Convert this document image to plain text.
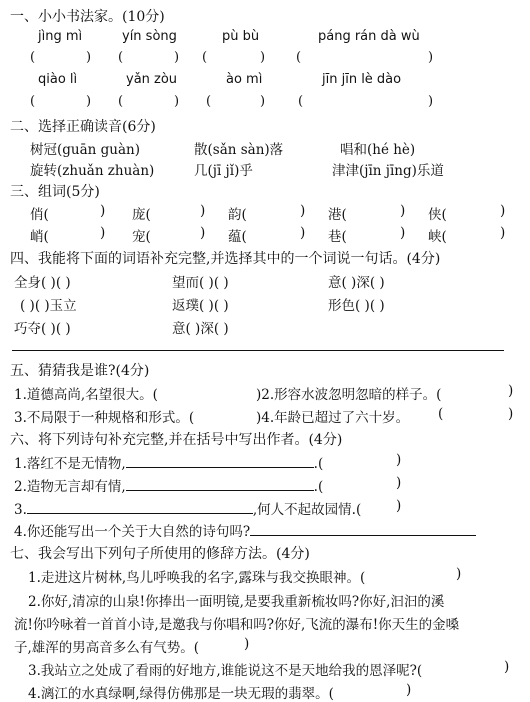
一、小小书法家。(10分)
jìng mì	yín sòng	pù bù	páng rán dà wù
(	) (	) (	) (	)
qiào lì	yǎn zòu	ào mì	jīn jīn lè dào
(	) (	) (	)	(	)
二、选择正确读音(6分)
树冠(guān guàn)	散(sǎn sàn)落	唱和(hé hè)
旋转(zhuǎn zhuàn)	几(jī jǐ)乎	津津(jīn jīng)乐道
三、组词(5分)
俏(	) 庞(	) 韵(	) 港(	) 侠(	)
峭(	) 宠(	) 蕴(	) 巷(	) 峡(	)
四、我能将下面的词语补充完整,并选择其中的一个词说一句话。(4分)
全身( )( )	望而( )( )	意( )深( )
( )( )玉立	返璞( )( )	形色( )( )
巧夺( )( )	意( )深( )
五、猜猜我是谁?(4分)
1.道德高尚,名望很大。(	)2.形容水波忽明忽暗的样子。(	)
3.不局限于一种规格和形式。(	)4.年龄已超过了六十岁。 (	)
六、将下列诗句补充完整,并在括号中写出作者。(4分)
1.落红不是无情物,	.(	)
2.造物无言却有情,	.(	)
3.	,何人不起故园情.(	)
4.你还能写出一个关于大自然的诗句吗?
七、我会写出下列句子所使用的修辞方法。(4分)
1.走进这片树林,鸟儿呼唤我的名字,露珠与我交换眼神。(	)
2.你好,清凉的山泉!你捧出一面明镜,是要我重新梳妆吗?你好,汩汩的溪
流!你吟咏着一首首小诗,是邀我与你唱和吗?你好,飞流的瀑布!你天生的金嗓
子,雄浑的男高音多么有气势。(	)
3.我站立之处成了看雨的好地方,谁能说这不是天地给我的恩泽呢?(	)
4.漓江的水真绿啊,绿得仿佛那是一块无瑕的翡翠。(	)
